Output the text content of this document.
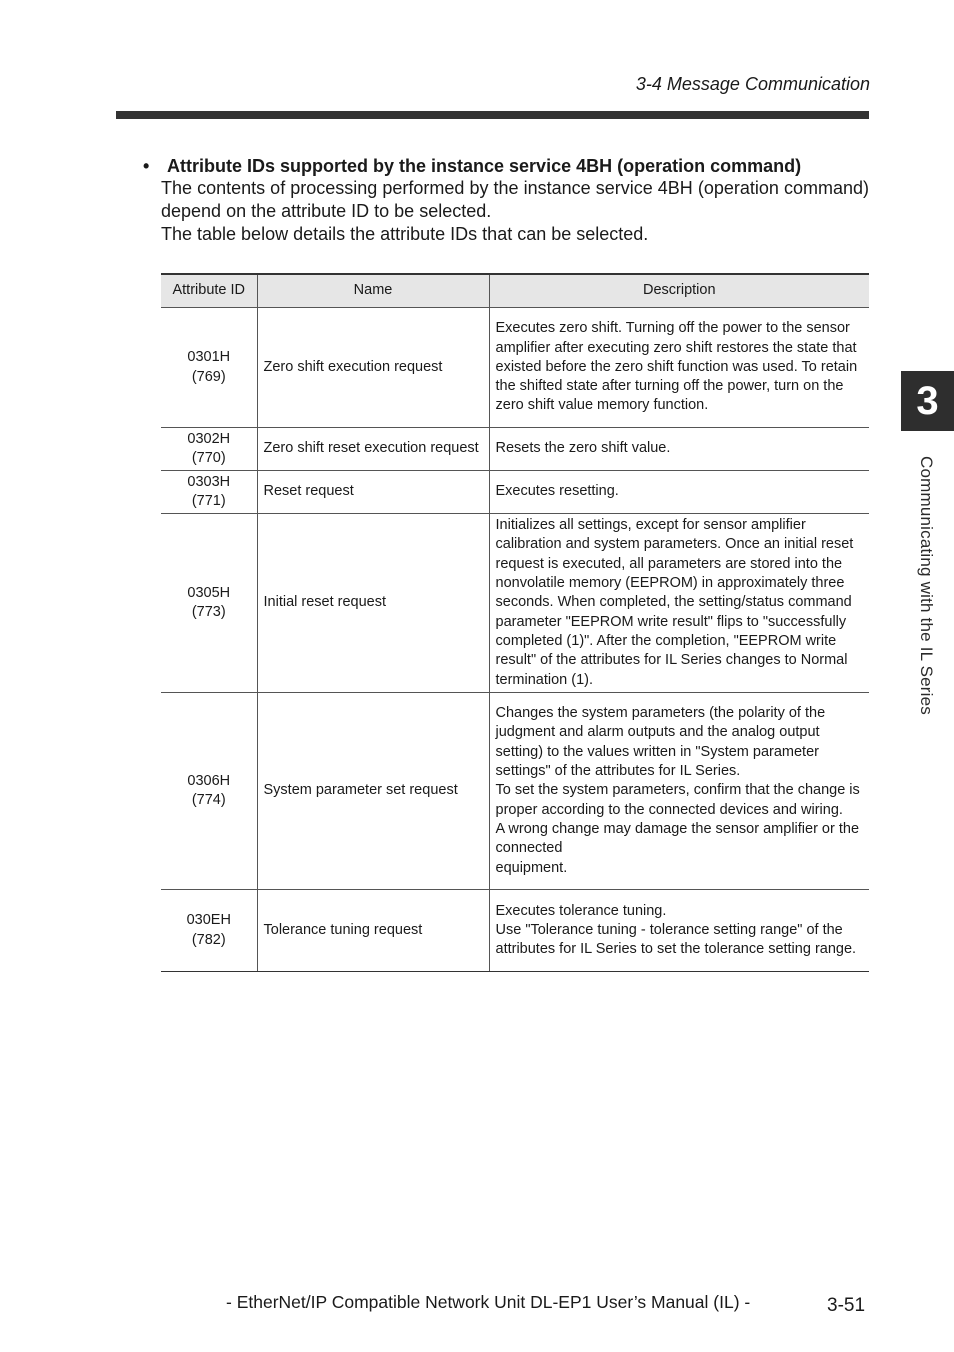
3-4 Message Communication
• Attribute IDs supported by the instance service 4BH (operation command)
The contents of processing performed by the instance service 4BH (operation command) depend on the attribute ID to be selected.
The table below details the attribute IDs that can be selected.
Attribute ID	Name	Description

0301H
(769)	Zero shift execution request	Executes zero shift. Turning off the power to the sensor amplifier after executing zero shift restores the state that existed before the zero shift function was used. To retain the shifted state after turning off the power, turn on the zero shift value memory function.

0302H
(770)	Zero shift reset execution request	Resets the zero shift value.

0303H
(771)	Reset request	Executes resetting.

0305H
(773)	Initial reset request	Initializes all settings, except for sensor amplifier calibration and system parameters. Once an initial reset request is executed, all parameters are stored into the nonvolatile memory (EEPROM) in approximately three seconds. When completed, the setting/status command parameter "EEPROM write result" flips to "successfully completed (1)". After the completion, "EEPROM write result" of the attributes for IL Series changes to Normal termination (1).

0306H
(774)	System parameter set request	Changes the system parameters (the polarity of the judgment and alarm outputs and the analog output setting) to the values written in "System parameter settings" of the attributes for IL Series.
To set the system parameters, confirm that the change is proper according to the connected devices and wiring.
A wrong change may damage the sensor amplifier or the connected
equipment.

030EH
(782)	Tolerance tuning request	Executes tolerance tuning.
Use "Tolerance tuning - tolerance setting range" of the attributes for IL Series to set the tolerance setting range.
3
Communicating with the IL Series
- EtherNet/IP Compatible Network Unit DL-EP1 User’s Manual (IL) -	3-51
